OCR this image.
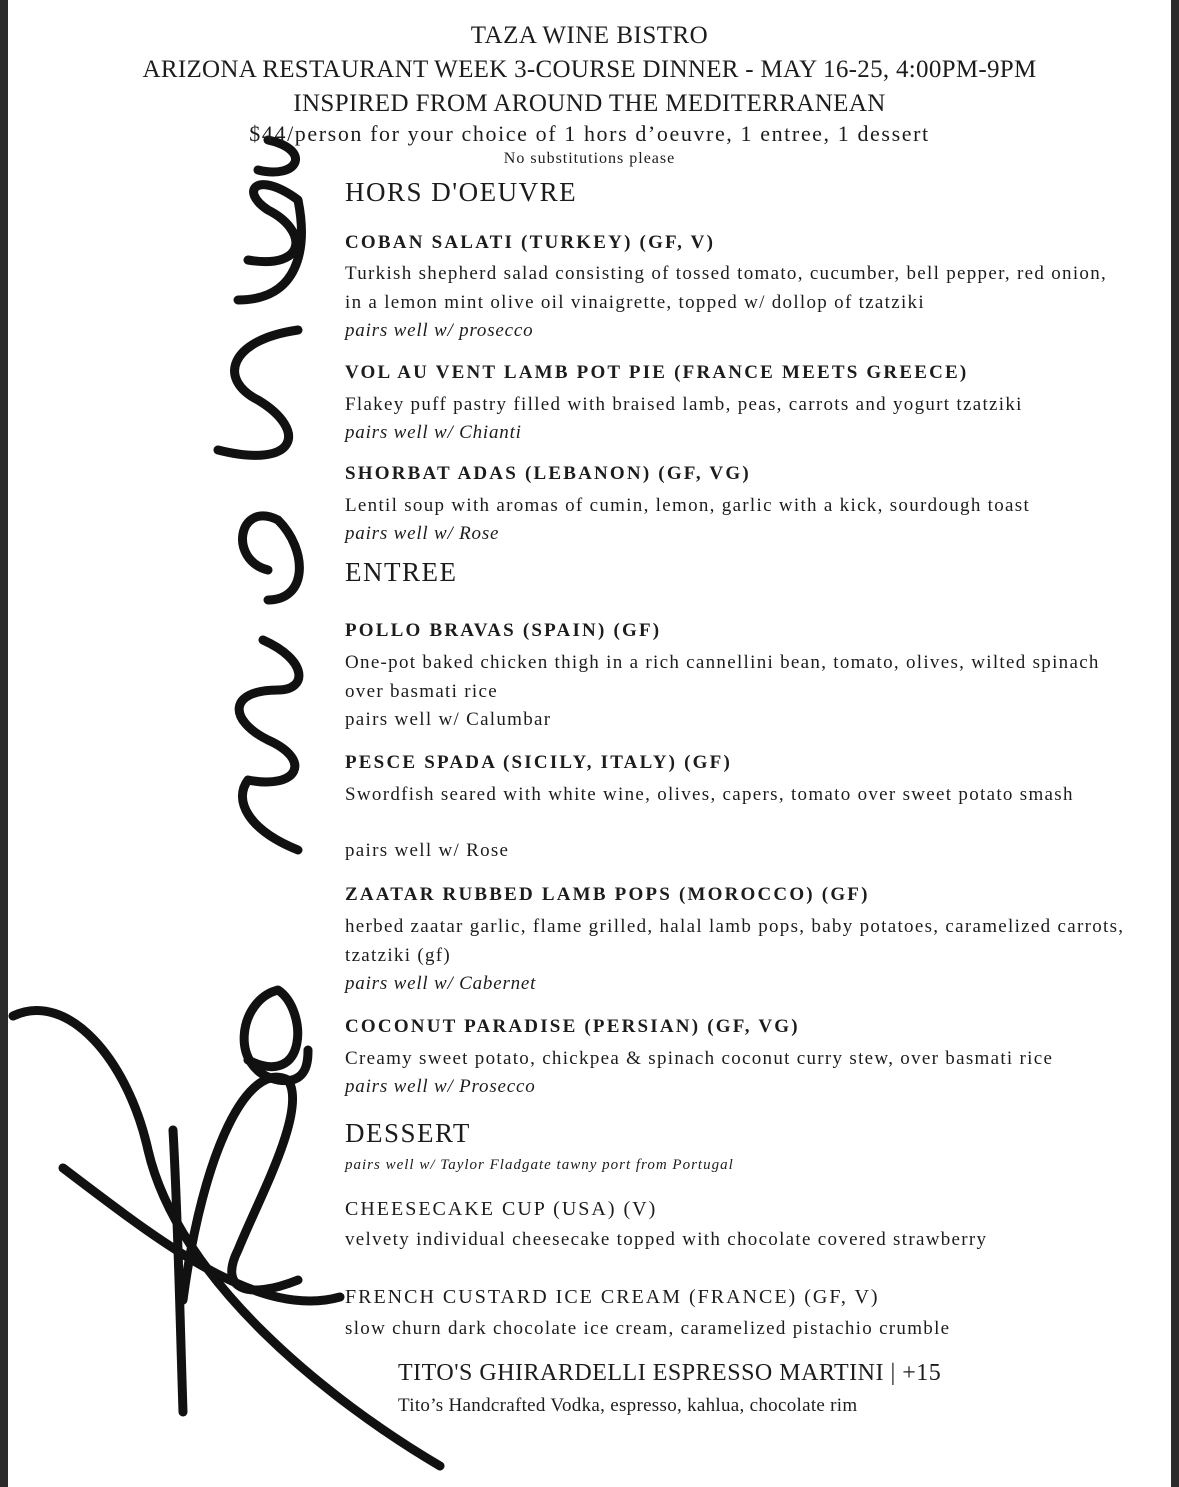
TAZA WINE BISTRO
ARIZONA RESTAURANT WEEK 3-COURSE DINNER - MAY 16-25, 4:00PM-9PM
INSPIRED FROM AROUND THE MEDITERRANEAN
$44/person for your choice of 1 hors d’oeuvre, 1 entree, 1 dessert
No substitutions please
HORS D'OEUVRE
COBAN SALATI (TURKEY) (GF, V)
Turkish shepherd salad consisting of tossed tomato, cucumber, bell pepper, red onion, in a lemon mint olive oil vinaigrette, topped w/ dollop of tzatziki
pairs well w/ prosecco
VOL AU VENT LAMB POT PIE (FRANCE MEETS GREECE)
Flakey puff pastry filled with braised lamb, peas, carrots and yogurt tzatziki
pairs well w/ Chianti
SHORBAT ADAS (LEBANON) (GF, VG)
Lentil soup with aromas of cumin, lemon, garlic with a kick, sourdough toast
pairs well w/ Rose
ENTREE
POLLO BRAVAS (SPAIN) (GF)
One-pot baked chicken thigh in a rich cannellini bean, tomato, olives, wilted spinach over basmati rice
pairs well w/ Calumbar
PESCE SPADA (SICILY, ITALY) (GF)
Swordfish seared with white wine, olives, capers, tomato over sweet potato smash
pairs well w/ Rose
ZAATAR RUBBED LAMB POPS (MOROCCO) (GF)
herbed zaatar garlic, flame grilled, halal lamb pops, baby potatoes, caramelized carrots, tzatziki (gf)
pairs well w/ Cabernet
COCONUT PARADISE (PERSIAN) (GF, VG)
Creamy sweet potato, chickpea & spinach coconut curry stew, over basmati rice
pairs well w/ Prosecco
DESSERT
pairs well w/ Taylor Fladgate tawny port from Portugal
CHEESECAKE CUP (USA) (V)
velvety individual cheesecake topped with chocolate covered strawberry
FRENCH CUSTARD ICE CREAM (FRANCE) (GF, V)
slow churn dark chocolate ice cream, caramelized pistachio crumble
TITO'S GHIRARDELLI ESPRESSO MARTINI | +15
Tito’s Handcrafted Vodka, espresso, kahlua, chocolate rim
